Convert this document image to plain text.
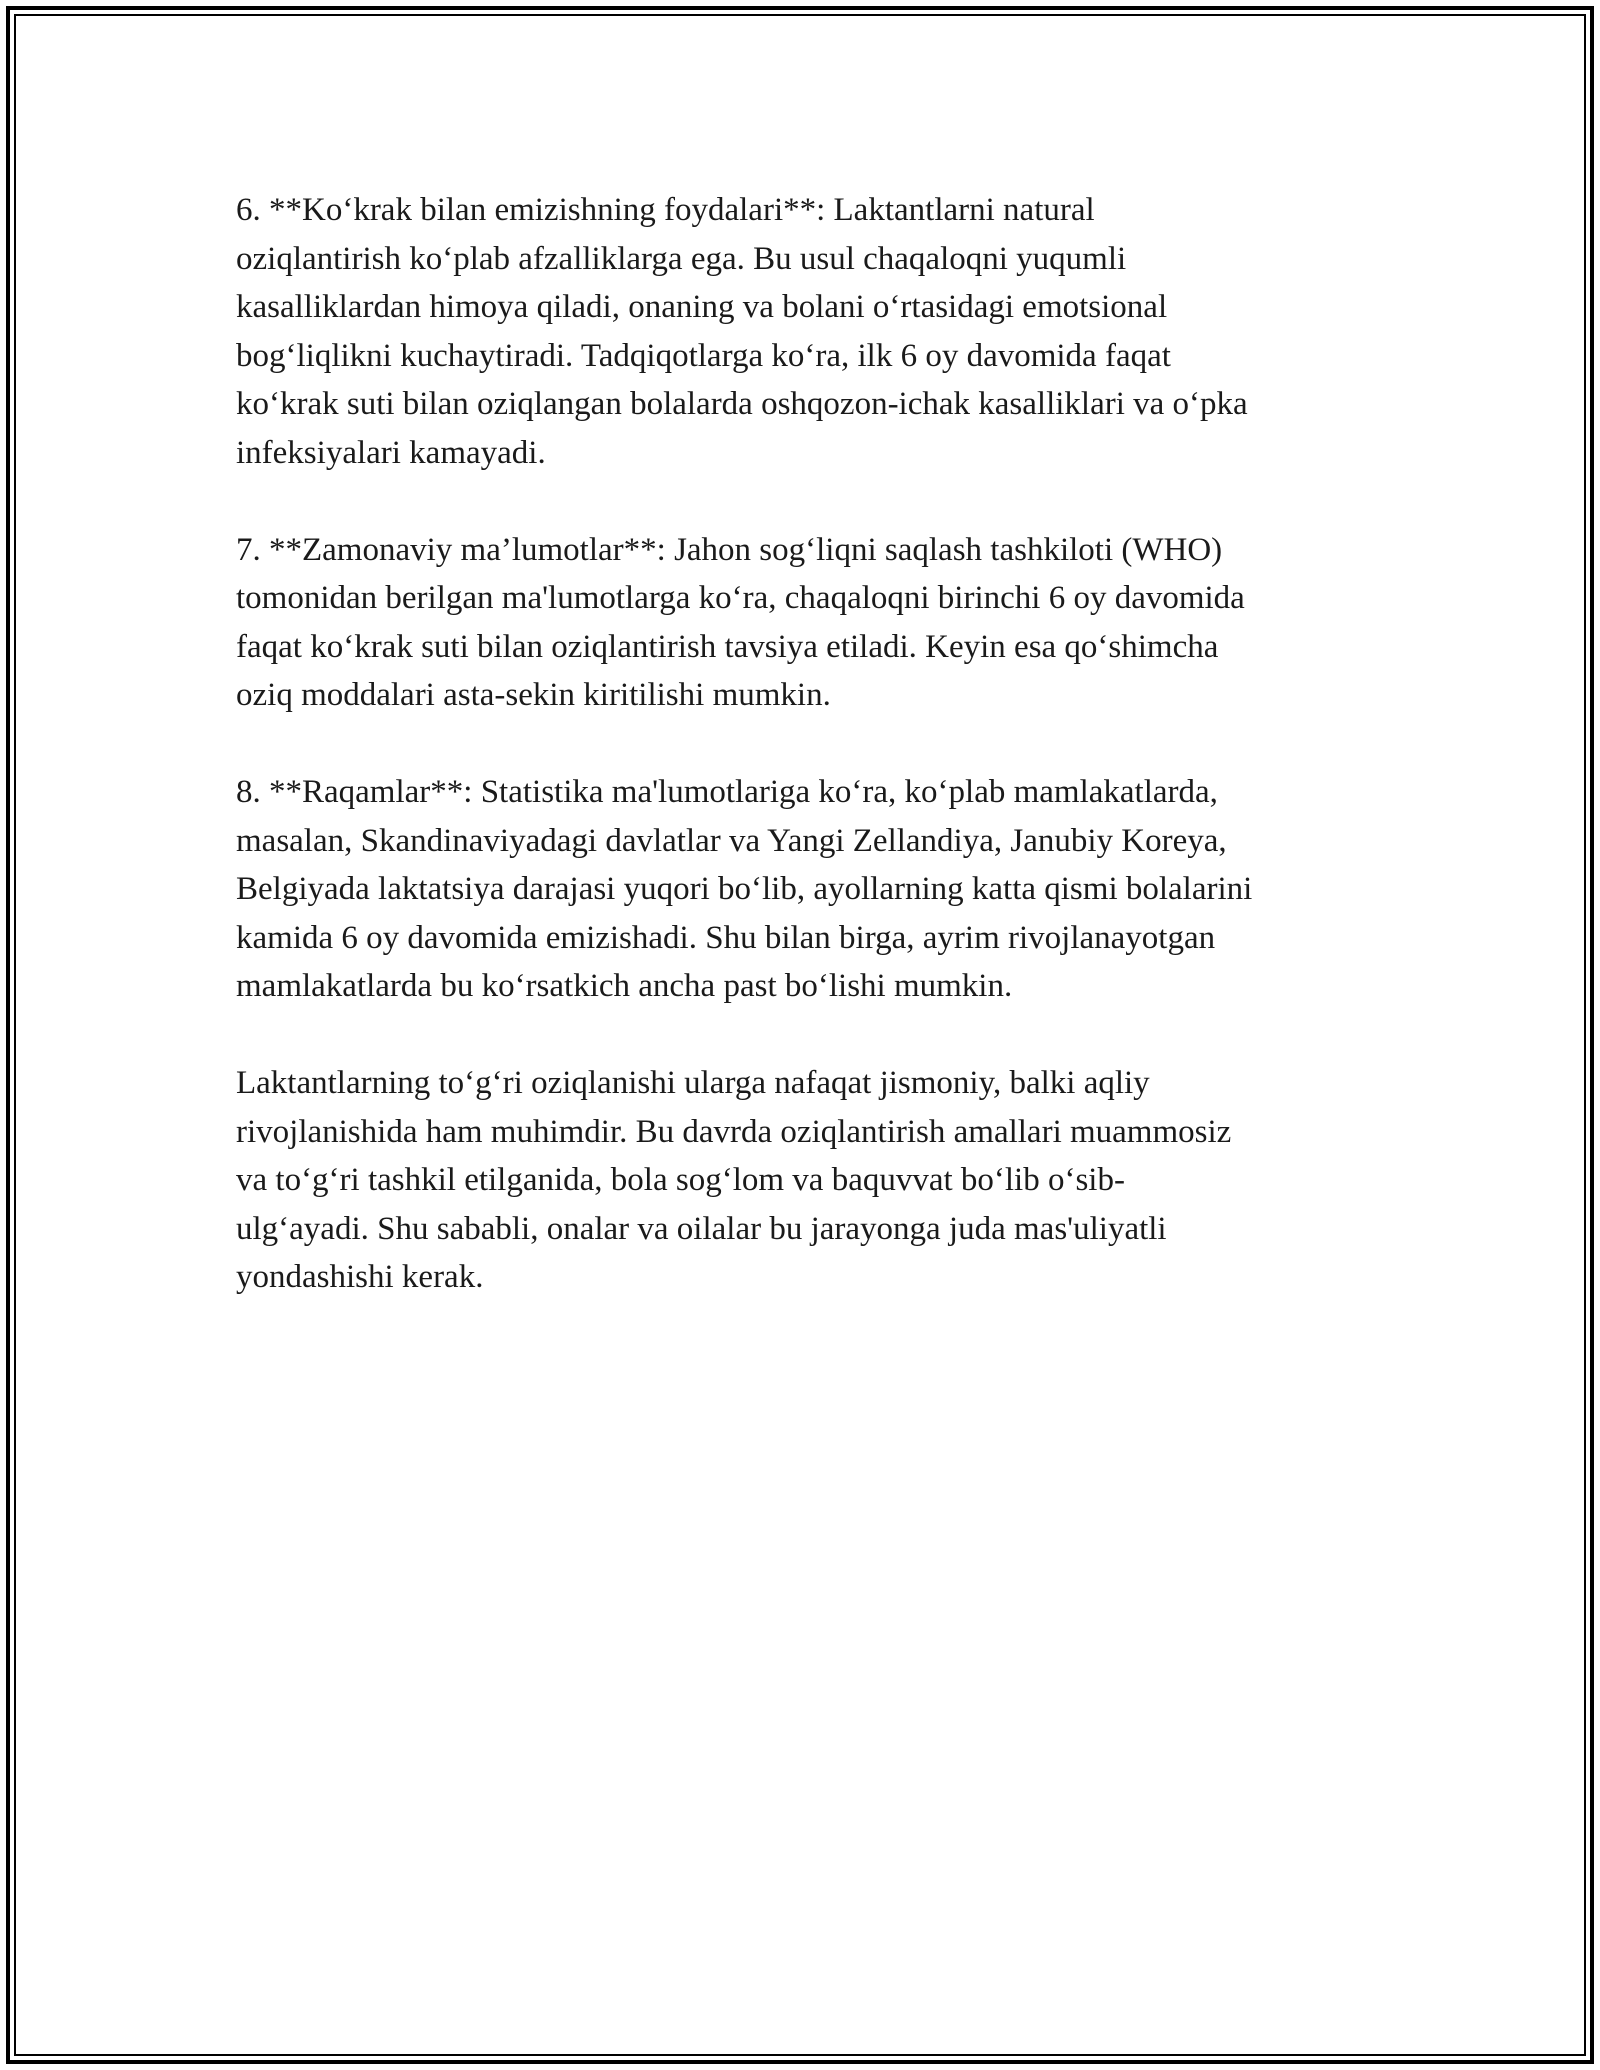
6. **Ko‘krak bilan emizishning foydalari**: Laktantlarni natural
oziqlantirish ko‘plab afzalliklarga ega. Bu usul chaqaloqni yuqumli
kasalliklardan himoya qiladi, onaning va bolani o‘rtasidagi emotsional
bog‘liqlikni kuchaytiradi. Tadqiqotlarga ko‘ra, ilk 6 oy davomida faqat
ko‘krak suti bilan oziqlangan bolalarda oshqozon-ichak kasalliklari va o‘pka
infeksiyalari kamayadi.

7. **Zamonaviy ma’lumotlar**: Jahon sog‘liqni saqlash tashkiloti (WHO)
tomonidan berilgan ma'lumotlarga ko‘ra, chaqaloqni birinchi 6 oy davomida
faqat ko‘krak suti bilan oziqlantirish tavsiya etiladi. Keyin esa qo‘shimcha
oziq moddalari asta-sekin kiritilishi mumkin.

8. **Raqamlar**: Statistika ma'lumotlariga ko‘ra, ko‘plab mamlakatlarda,
masalan, Skandinaviyadagi davlatlar va Yangi Zellandiya, Janubiy Koreya,
Belgiyada laktatsiya darajasi yuqori bo‘lib, ayollarning katta qismi bolalarini
kamida 6 oy davomida emizishadi. Shu bilan birga, ayrim rivojlanayotgan
mamlakatlarda bu ko‘rsatkich ancha past bo‘lishi mumkin.

Laktantlarning to‘g‘ri oziqlanishi ularga nafaqat jismoniy, balki aqliy
rivojlanishida ham muhimdir. Bu davrda oziqlantirish amallari muammosiz
va to‘g‘ri tashkil etilganida, bola sog‘lom va baquvvat bo‘lib o‘sib-
ulg‘ayadi. Shu sababli, onalar va oilalar bu jarayonga juda mas'uliyatli
yondashishi kerak.
